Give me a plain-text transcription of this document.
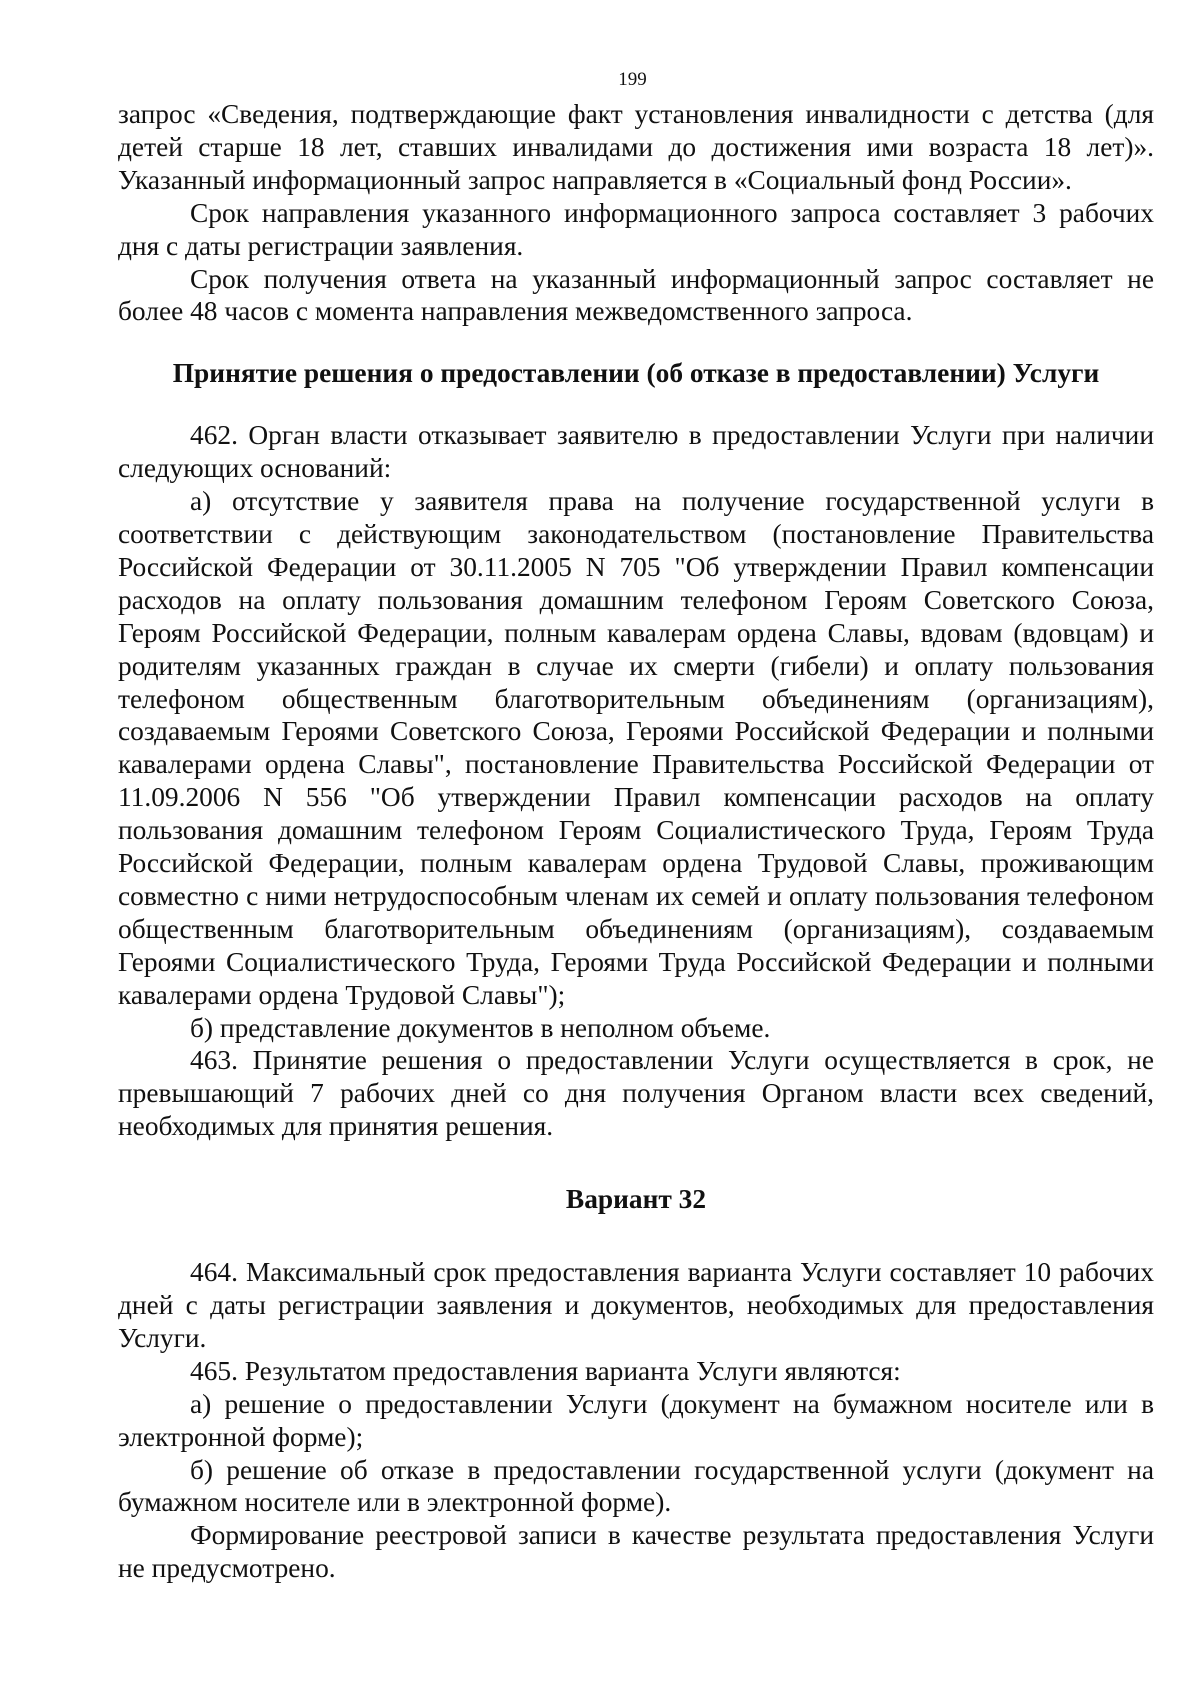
199

запрос «Сведения, подтверждающие факт установления инвалидности с детства (для детей старше 18 лет, ставших инвалидами до достижения ими возраста 18 лет)». Указанный информационный запрос направляется в «Социальный фонд России».

Срок направления указанного информационного запроса составляет 3 рабочих дня с даты регистрации заявления.

Срок получения ответа на указанный информационный запрос составляет не более 48 часов с момента направления межведомственного запроса.

Принятие решения о предоставлении (об отказе в предоставлении) Услуги

462. Орган власти отказывает заявителю в предоставлении Услуги при наличии следующих оснований:

а) отсутствие у заявителя права на получение государственной услуги в соответствии с действующим законодательством (постановление Правительства Российской Федерации от 30.11.2005 N 705 "Об утверждении Правил компенсации расходов на оплату пользования домашним телефоном Героям Советского Союза, Героям Российской Федерации, полным кавалерам ордена Славы, вдовам (вдовцам) и родителям указанных граждан в случае их смерти (гибели) и оплату пользования телефоном общественным благотворительным объединениям (организациям), создаваемым Героями Советского Союза, Героями Российской Федерации и полными кавалерами ордена Славы", постановление Правительства Российской Федерации от 11.09.2006 N 556 "Об утверждении Правил компенсации расходов на оплату пользования домашним телефоном Героям Социалистического Труда, Героям Труда Российской Федерации, полным кавалерам ордена Трудовой Славы, проживающим совместно с ними нетрудоспособным членам их семей и оплату пользования телефоном общественным благотворительным объединениям (организациям), создаваемым Героями Социалистического Труда, Героями Труда Российской Федерации и полными кавалерами ордена Трудовой Славы");

б) представление документов в неполном объеме.

463. Принятие решения о предоставлении Услуги осуществляется в срок, не превышающий 7 рабочих дней со дня получения Органом власти всех сведений, необходимых для принятия решения.

Вариант 32

464. Максимальный срок предоставления варианта Услуги составляет 10 рабочих дней с даты регистрации заявления и документов, необходимых для предоставления Услуги.

465. Результатом предоставления варианта Услуги являются:

а) решение о предоставлении Услуги (документ на бумажном носителе или в электронной форме);

б) решение об отказе в предоставлении государственной услуги (документ на бумажном носителе или в электронной форме).

Формирование реестровой записи в качестве результата предоставления Услуги не предусмотрено.
